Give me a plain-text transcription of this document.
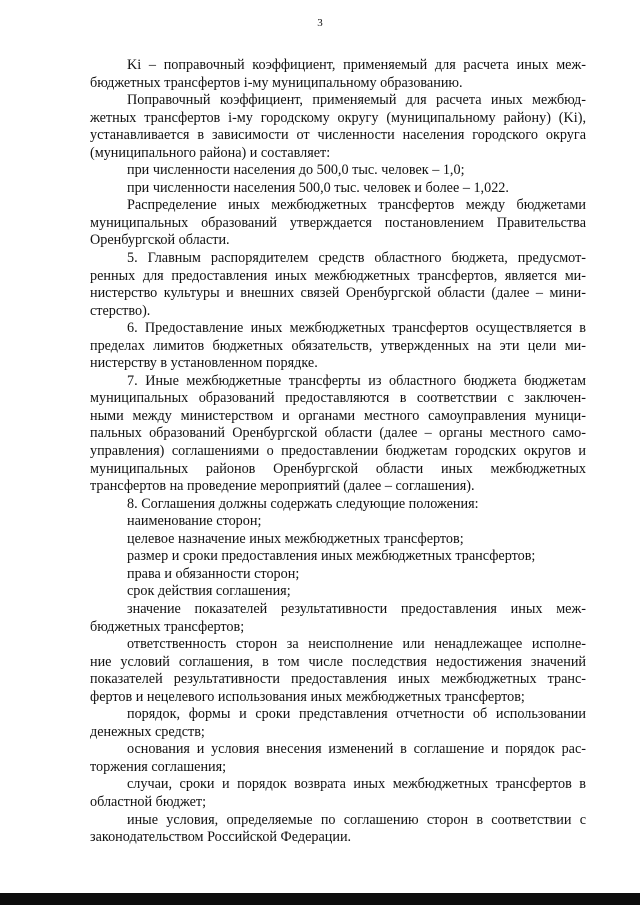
3
Ki – поправочный коэффициент, применяемый для расчета иных меж-
бюджетных трансфертов i-му муниципальному образованию.
Поправочный коэффициент, применяемый для расчета иных межбюд-
жетных трансфертов i-му городскому округу (муниципальному району) (Ki),
устанавливается в зависимости от численности населения городского округа
(муниципального района) и составляет:
при численности населения до 500,0 тыс. человек – 1,0;
при численности населения 500,0 тыс. человек и более – 1,022.
Распределение иных межбюджетных трансфертов между бюджетами
муниципальных образований утверждается постановлением Правительства
Оренбургской области.
5. Главным распорядителем средств областного бюджета, предусмот-
ренных для предоставления иных межбюджетных трансфертов, является ми-
нистерство культуры и внешних связей Оренбургской области (далее – мини-
стерство).
6. Предоставление иных межбюджетных трансфертов осуществляется в
пределах лимитов бюджетных обязательств, утвержденных на эти цели ми-
нистерству в установленном порядке.
7. Иные межбюджетные трансферты из областного бюджета бюджетам
муниципальных образований предоставляются в соответствии с заключен-
ными между министерством и органами местного самоуправления муници-
пальных образований Оренбургской области (далее – органы местного само-
управления) соглашениями о предоставлении бюджетам городских округов и
муниципальных районов Оренбургской области иных межбюджетных
трансфертов на проведение мероприятий (далее – соглашения).
8. Соглашения должны содержать следующие положения:
наименование сторон;
целевое назначение иных межбюджетных трансфертов;
размер и сроки предоставления иных межбюджетных трансфертов;
права и обязанности сторон;
срок действия соглашения;
значение показателей результативности предоставления иных меж-
бюджетных трансфертов;
ответственность сторон за неисполнение или ненадлежащее исполне-
ние условий соглашения, в том числе последствия недостижения значений
показателей результативности предоставления иных межбюджетных транс-
фертов и нецелевого использования иных межбюджетных трансфертов;
порядок, формы и сроки представления отчетности об использовании
денежных средств;
основания и условия внесения изменений в соглашение и порядок рас-
торжения соглашения;
случаи, сроки и порядок возврата иных межбюджетных трансфертов в
областной бюджет;
иные условия, определяемые по соглашению сторон в соответствии с
законодательством Российской Федерации.
